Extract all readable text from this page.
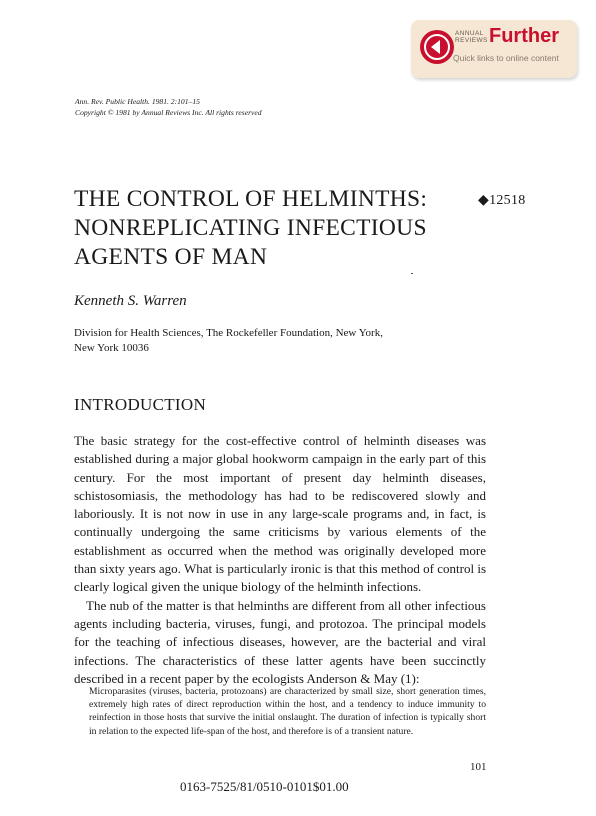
ANNUAL
REVIEWS Further
Quick links to online content
Ann. Rev. Public Health. 1981. 2:101–15
Copyright © 1981 by Annual Reviews Inc. All rights reserved
THE CONTROL OF HELMINTHS:
NONREPLICATING INFECTIOUS
AGENTS OF MAN
◆12518
Kenneth S. Warren
Division for Health Sciences, The Rockefeller Foundation, New York,
New York 10036
INTRODUCTION

The basic strategy for the cost-effective control of helminth diseases was established during a major global hookworm campaign in the early part of this century. For the most important of present day helminth diseases, schistosomiasis, the methodology has had to be rediscovered slowly and laboriously. It is not now in use in any large-scale programs and, in fact, is continually undergoing the same criticisms by various elements of the establishment as occurred when the method was originally developed more than sixty years ago. What is particularly ironic is that this method of control is clearly logical given the unique biology of the helminth infections.

The nub of the matter is that helminths are different from all other infectious agents including bacteria, viruses, fungi, and protozoa. The principal models for the teaching of infectious diseases, however, are the bacterial and viral infections. The characteristics of these latter agents have been succinctly described in a recent paper by the ecologists Anderson & May (1):

Microparasites (viruses, bacteria, protozoans) are characterized by small size, short generation times, extremely high rates of direct reproduction within the host, and a tendency to induce immunity to reinfection in those hosts that survive the initial onslaught. The duration of infection is typically short in relation to the expected life-span of the host, and therefore is of a transient nature.
101
0163-7525/81/0510-0101$01.00
